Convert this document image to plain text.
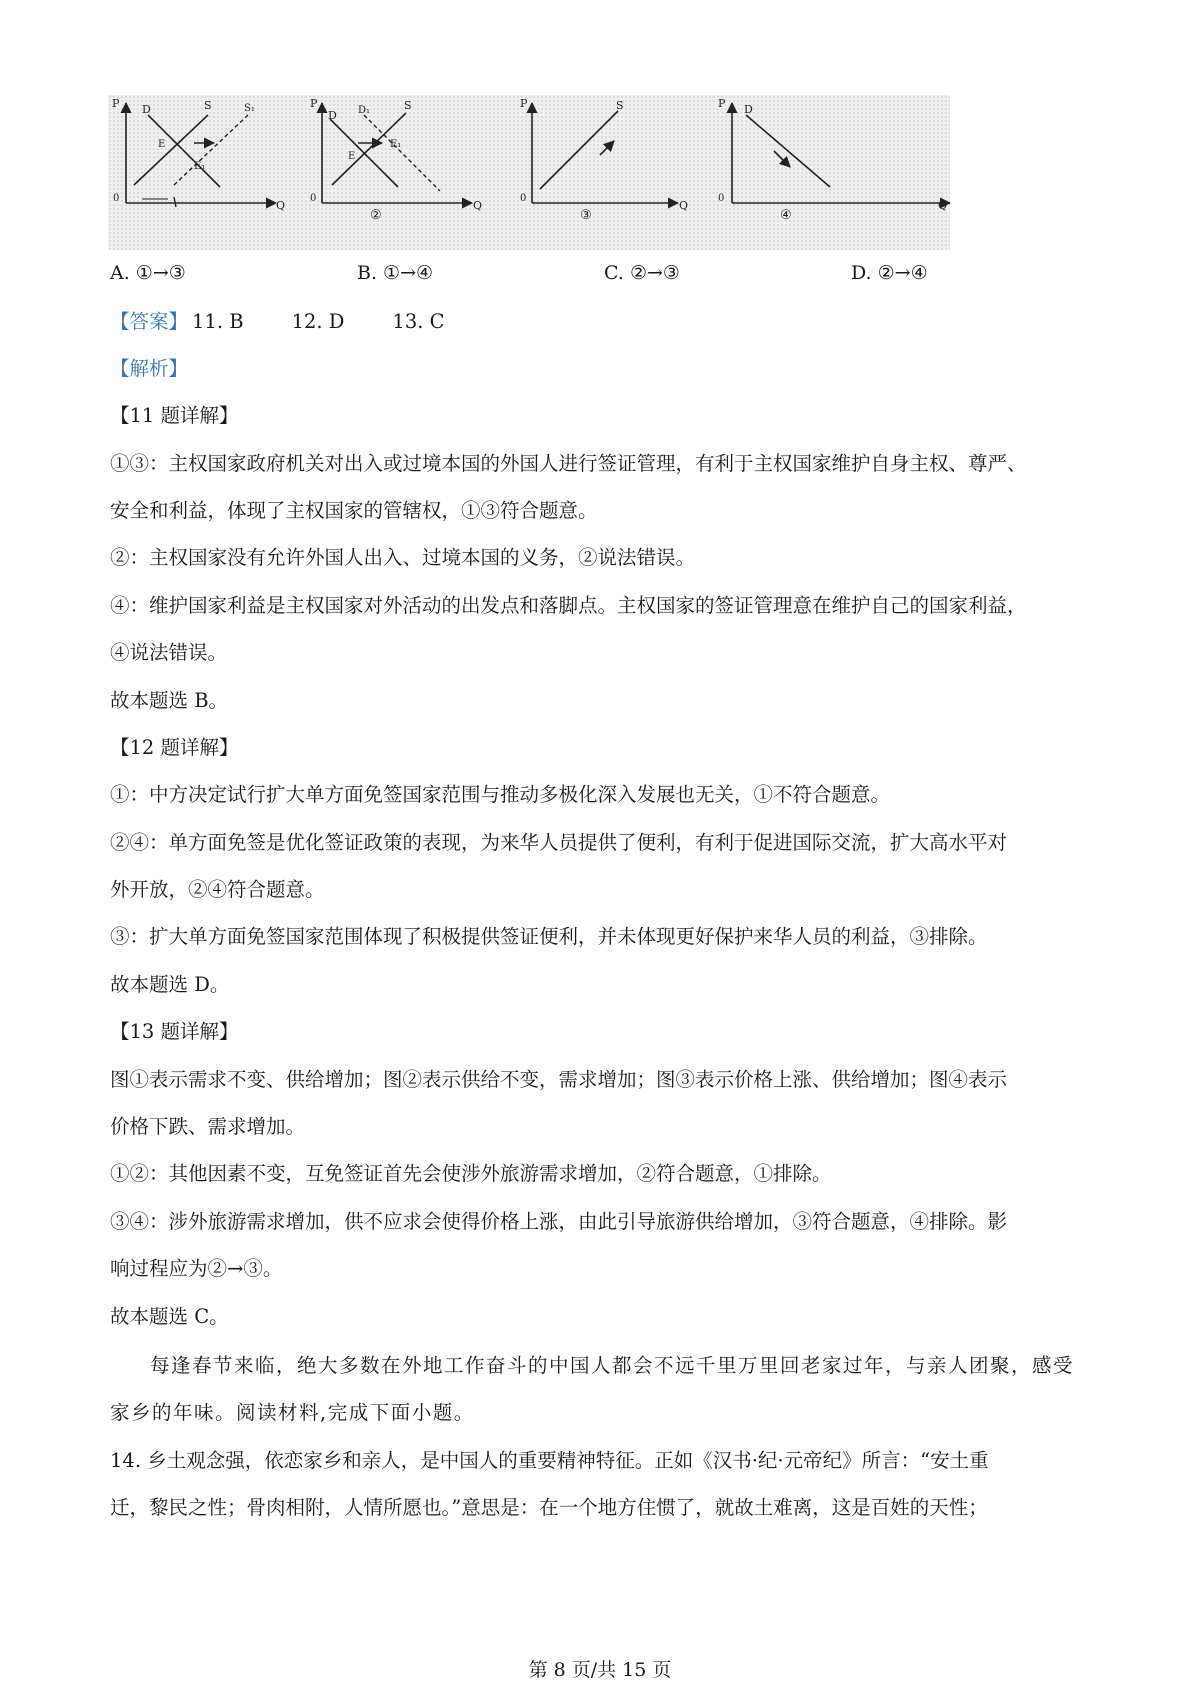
P
Q
0
D	S	S₁
E
E₁
P
Q
0
D D₁	S
E
E₁
②
P
Q
0
S
③
P
Q
0
D
④
A. ①→③	B. ①→④	C. ②→③	D. ②→④
【答案】 11. B 12. D 13. C
【解析】
【11 题详解】
①③：主权国家政府机关对出入或过境本国的外国人进行签证管理，有利于主权国家维护自身主权、尊严、
安全和利益，体现了主权国家的管辖权，①③符合题意。
②：主权国家没有允许外国人出入、过境本国的义务，②说法错误。
④：维护国家利益是主权国家对外活动的出发点和落脚点。主权国家的签证管理意在维护自己的国家利益，
④说法错误。
故本题选 B。
【12 题详解】
①：中方决定试行扩大单方面免签国家范围与推动多极化深入发展也无关，①不符合题意。
②④：单方面免签是优化签证政策的表现，为来华人员提供了便利，有利于促进国际交流，扩大高水平对
外开放，②④符合题意。
③：扩大单方面免签国家范围体现了积极提供签证便利，并未体现更好保护来华人员的利益，③排除。
故本题选 D。
【13 题详解】
图①表示需求不变、供给增加；图②表示供给不变，需求增加；图③表示价格上涨、供给增加；图④表示
价格下跌、需求增加。
①②：其他因素不变，互免签证首先会使涉外旅游需求增加，②符合题意，①排除。
③④：涉外旅游需求增加，供不应求会使得价格上涨，由此引导旅游供给增加，③符合题意，④排除。影
响过程应为②→③。
故本题选 C。
每逢春节来临，绝大多数在外地工作奋斗的中国人都会不远千里万里回老家过年，与亲人团聚，感受
家乡的年味。阅读材料,完成下面小题。
14. 乡土观念强，依恋家乡和亲人，是中国人的重要精神特征。正如《汉书·纪·元帝纪》所言：“安土重
迁，黎民之性；骨肉相附，人情所愿也。”意思是：在一个地方住惯了，就故土难离，这是百姓的天性；
第 8 页/共 15 页
